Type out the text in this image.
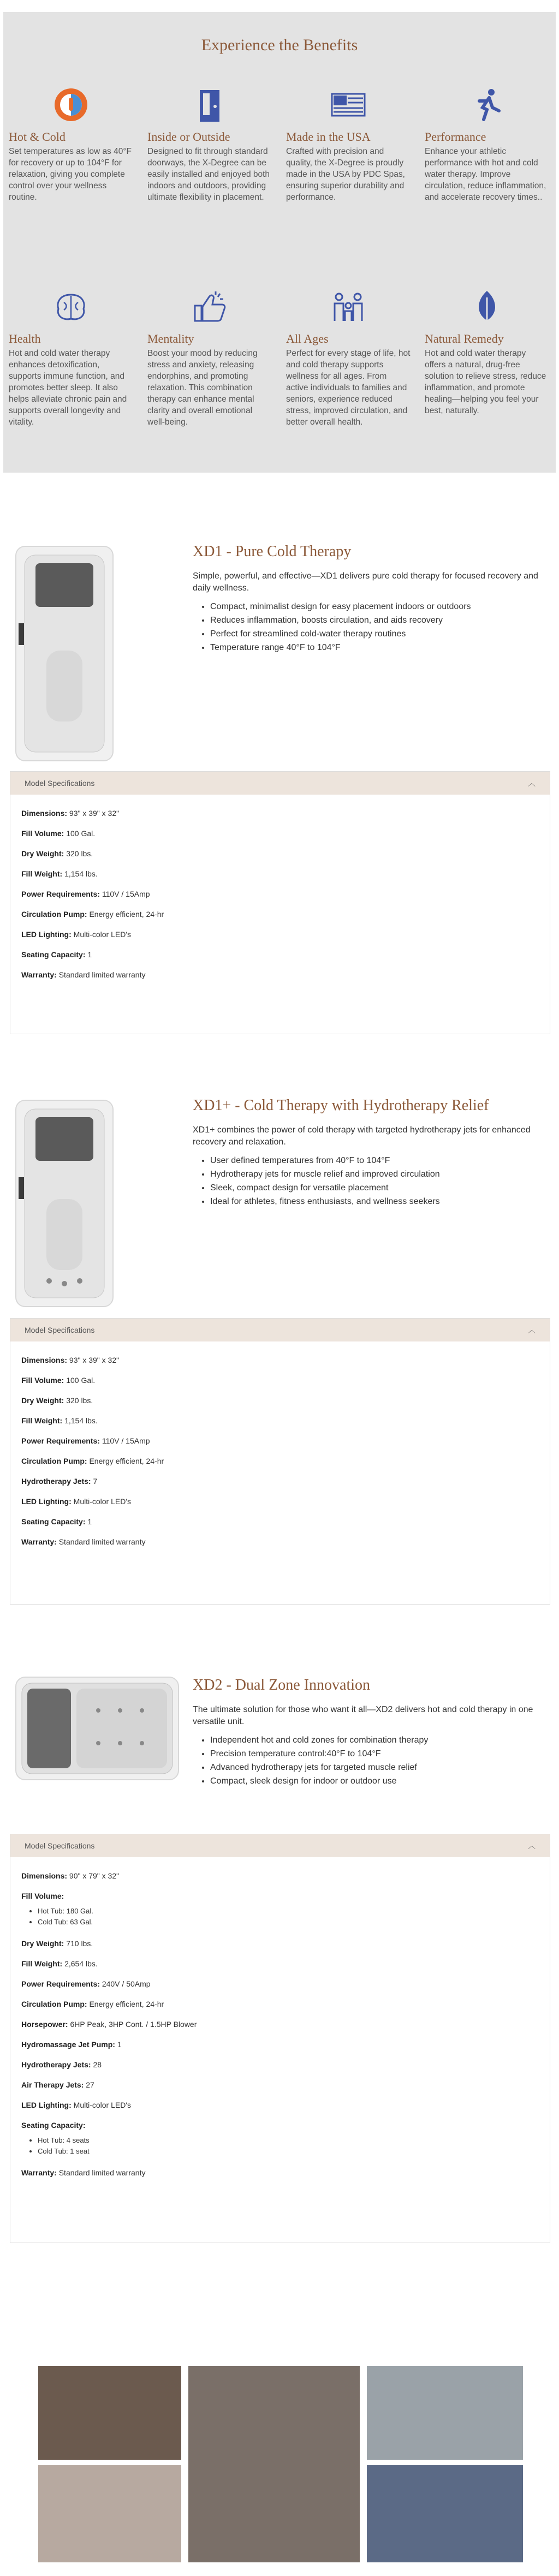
Experience the Benefits
Hot & Cold
Set temperatures as low as 40°F for recovery or up to 104°F for relaxation, giving you complete control over your wellness routine.
Inside or Outside
Designed to fit through standard doorways, the X-Degree can be easily installed and enjoyed both indoors and outdoors, providing ultimate flexibility in placement.
Made in the USA
Crafted with precision and quality, the X-Degree is proudly made in the USA by PDC Spas, ensuring superior durability and performance.
Performance
Enhance your athletic performance with hot and cold water therapy. Improve circulation, reduce inflammation, and accelerate recovery times..
Health
Hot and cold water therapy enhances detoxification, supports immune function, and promotes better sleep. It also helps alleviate chronic pain and supports overall longevity and vitality.
Mentality
Boost your mood by reducing stress and anxiety, releasing endorphins, and promoting relaxation. This combination therapy can enhance mental clarity and overall emotional well-being.
All Ages
Perfect for every stage of life, hot and cold therapy supports wellness for all ages. From active individuals to families and seniors, experience reduced stress, improved circulation, and better overall health.
Natural Remedy
Hot and cold water therapy offers a natural, drug-free solution to relieve stress, reduce inflammation, and promote healing—helping you feel your best, naturally.
XD1 - Pure Cold Therapy

Simple, powerful, and effective—XD1 delivers pure cold therapy for focused recovery and daily wellness.

• Compact, minimalist design for easy placement indoors or outdoors
• Reduces inflammation, boosts circulation, and aids recovery
• Perfect for streamlined cold-water therapy routines
• Temperature range 40°F to 104°F
Model Specifications	︿
Dimensions: 93" x 39" x 32"
Fill Volume: 100 Gal.
Dry Weight: 320 lbs.
Fill Weight: 1,154 lbs.
Power Requirements: 110V / 15Amp
Circulation Pump: Energy efficient, 24-hr
LED Lighting: Multi-color LED's
Seating Capacity: 1
Warranty: Standard limited warranty
XD1+ - Cold Therapy with Hydrotherapy Relief

XD1+ combines the power of cold therapy with targeted hydrotherapy jets for enhanced recovery and relaxation.

• User defined temperatures from 40°F to 104°F
• Hydrotherapy jets for muscle relief and improved circulation
• Sleek, compact design for versatile placement
• Ideal for athletes, fitness enthusiasts, and wellness seekers
Model Specifications	︿
Dimensions: 93" x 39" x 32"
Fill Volume: 100 Gal.
Dry Weight: 320 lbs.
Fill Weight: 1,154 lbs.
Power Requirements: 110V / 15Amp
Circulation Pump: Energy efficient, 24-hr
Hydrotherapy Jets: 7
LED Lighting: Multi-color LED's
Seating Capacity: 1
Warranty: Standard limited warranty
XD2 - Dual Zone Innovation

The ultimate solution for those who want it all—XD2 delivers hot and cold therapy in one versatile unit.

• Independent hot and cold zones for combination therapy
• Precision temperature control:40°F to 104°F
• Advanced hydrotherapy jets for targeted muscle relief
• Compact, sleek design for indoor or outdoor use
Model Specifications	︿
Dimensions: 90" x 79" x 32"
Fill Volume:
• Hot Tub: 180 Gal.
• Cold Tub: 63 Gal.
Dry Weight: 710 lbs.
Fill Weight: 2,654 lbs.
Power Requirements: 240V / 50Amp
Circulation Pump: Energy efficient, 24-hr
Horsepower: 6HP Peak, 3HP Cont. / 1.5HP Blower
Hydromassage Jet Pump: 1
Hydrotherapy Jets: 28
Air Therapy Jets: 27
LED Lighting: Multi-color LED's
Seating Capacity:
• Hot Tub: 4 seats
• Cold Tub: 1 seat
Warranty: Standard limited warranty
